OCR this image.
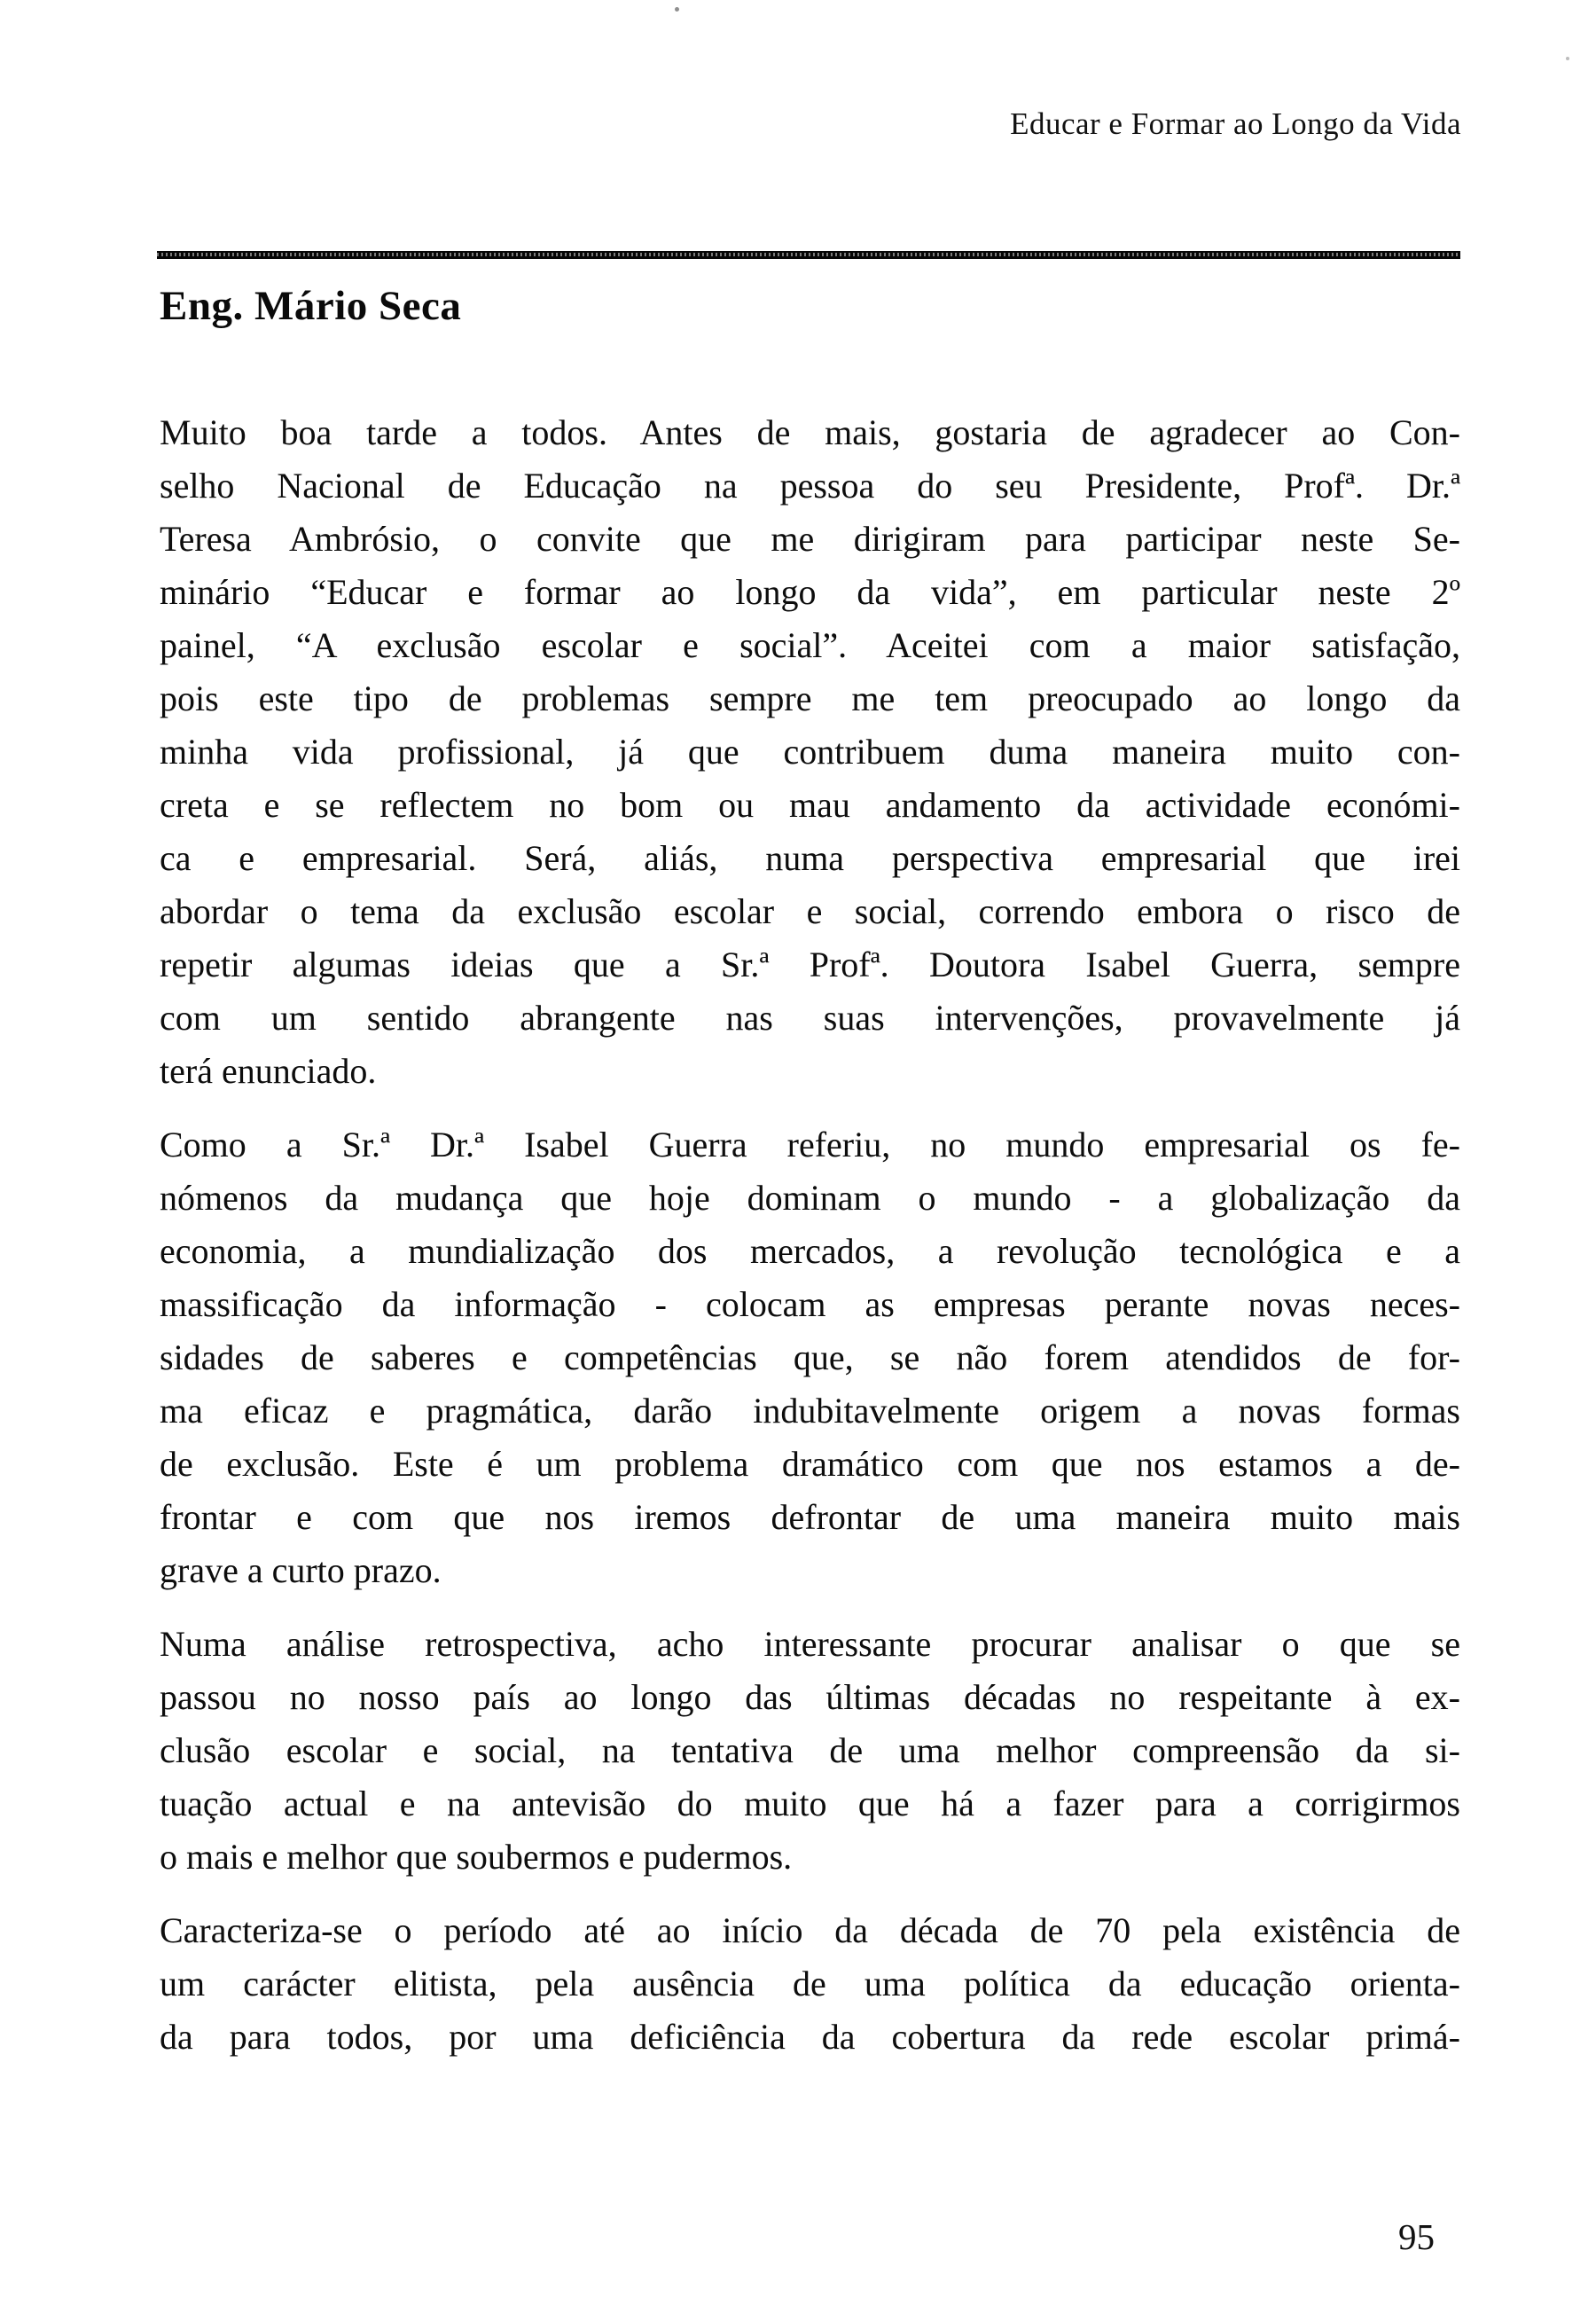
Educar e Formar ao Longo da Vida
Eng. Mário Seca
Muito boa tarde a todos. Antes de mais, gostaria de agradecer ao Con-
selho Nacional de Educação na pessoa do seu Presidente, Profª. Dr.ª
Teresa Ambrósio, o convite que me dirigiram para participar neste Se-
minário “Educar e formar ao longo da vida”, em particular neste 2º
painel, “A exclusão escolar e social”. Aceitei com a maior satisfação,
pois este tipo de problemas sempre me tem preocupado ao longo da
minha vida profissional, já que contribuem duma maneira muito con-
creta e se reflectem no bom ou mau andamento da actividade económi-
ca e empresarial. Será, aliás, numa perspectiva empresarial que irei
abordar o tema da exclusão escolar e social, correndo embora o risco de
repetir algumas ideias que a Sr.ª Profª. Doutora Isabel Guerra, sempre
com um sentido abrangente nas suas intervenções, provavelmente já
terá enunciado.
Como a Sr.ª Dr.ª Isabel Guerra referiu, no mundo empresarial os fe-
nómenos da mudança que hoje dominam o mundo - a globalização da
economia, a mundialização dos mercados, a revolução tecnológica e a
massificação da informação - colocam as empresas perante novas neces-
sidades de saberes e competências que, se não forem atendidos de for-
ma eficaz e pragmática, darão indubitavelmente origem a novas formas
de exclusão. Este é um problema dramático com que nos estamos a de-
frontar e com que nos iremos defrontar de uma maneira muito mais
grave a curto prazo.
Numa análise retrospectiva, acho interessante procurar analisar o que se
passou no nosso país ao longo das últimas décadas no respeitante à ex-
clusão escolar e social, na tentativa de uma melhor compreensão da si-
tuação actual e na antevisão do muito que há a fazer para a corrigirmos
o mais e melhor que soubermos e pudermos.
Caracteriza-se o período até ao início da década de 70 pela existência de
um carácter elitista, pela ausência de uma política da educação orienta-
da para todos, por uma deficiência da cobertura da rede escolar primá-
95
